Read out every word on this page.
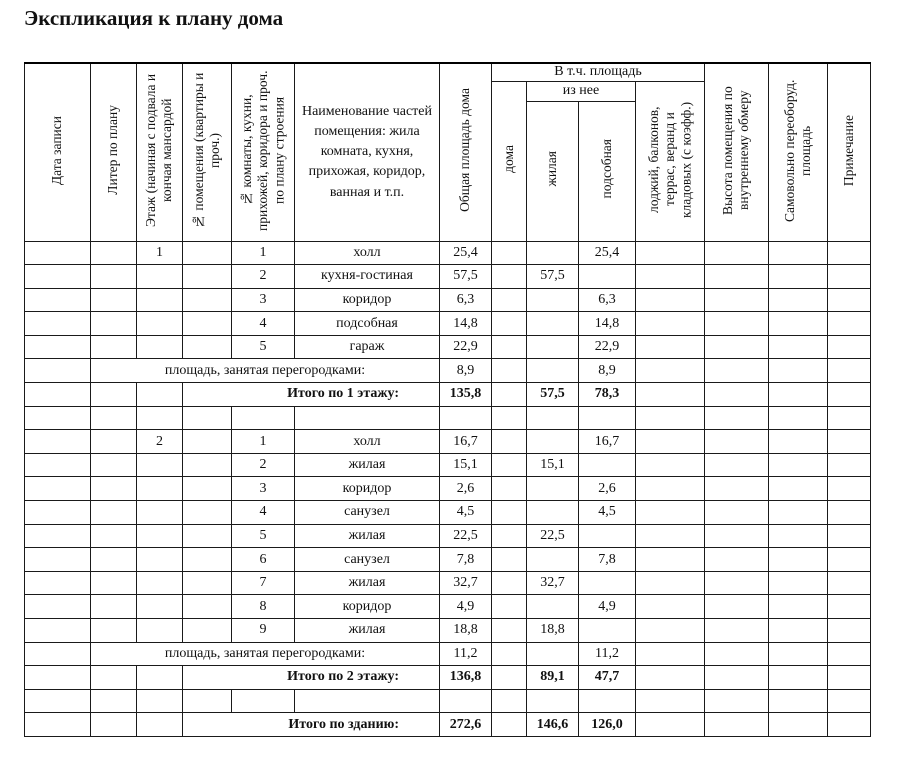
Экспликация к плану дома
Дата записи	Литер по плану	Этаж (начиная с подвала и кончая мансардой	№ помещения (квартиры и проч.)	№ комнаты, кухни, прихожей, коридора и проч. по плану строения	Наименование частей помещения: жила комната, кухня, прихожая, коридор, ванная и т.п.	Общая площадь дома	В т.ч. площадь				Высота помещения по внутреннему обмеру	Самовольно переоборуд. площадь	Примечание
							дома	из нее		лоджий, балконов, террас, веранд и кладовых (с коэфф.)			
								жилая	подсобная				
		1		1	холл	25,4			25,4				
				2	кухня-гостиная	57,5		57,5					
				3	коридор	6,3			6,3				
				4	подсобная	14,8			14,8				
				5	гараж	22,9			22,9				
	площадь, занятая перегородками:					8,9			8,9				
			Итого по 1 этажу:			135,8		57,5	78,3				

		2		1	холл	16,7			16,7				
				2	жилая	15,1		15,1					
				3	коридор	2,6			2,6				
				4	санузел	4,5			4,5				
				5	жилая	22,5		22,5					
				6	санузел	7,8			7,8				
				7	жилая	32,7		32,7					
				8	коридор	4,9			4,9				
				9	жилая	18,8		18,8					
	площадь, занятая перегородками:					11,2			11,2				
			Итого по 2 этажу:			136,8		89,1	47,7				

			Итого по зданию:			272,6		146,6	126,0				
